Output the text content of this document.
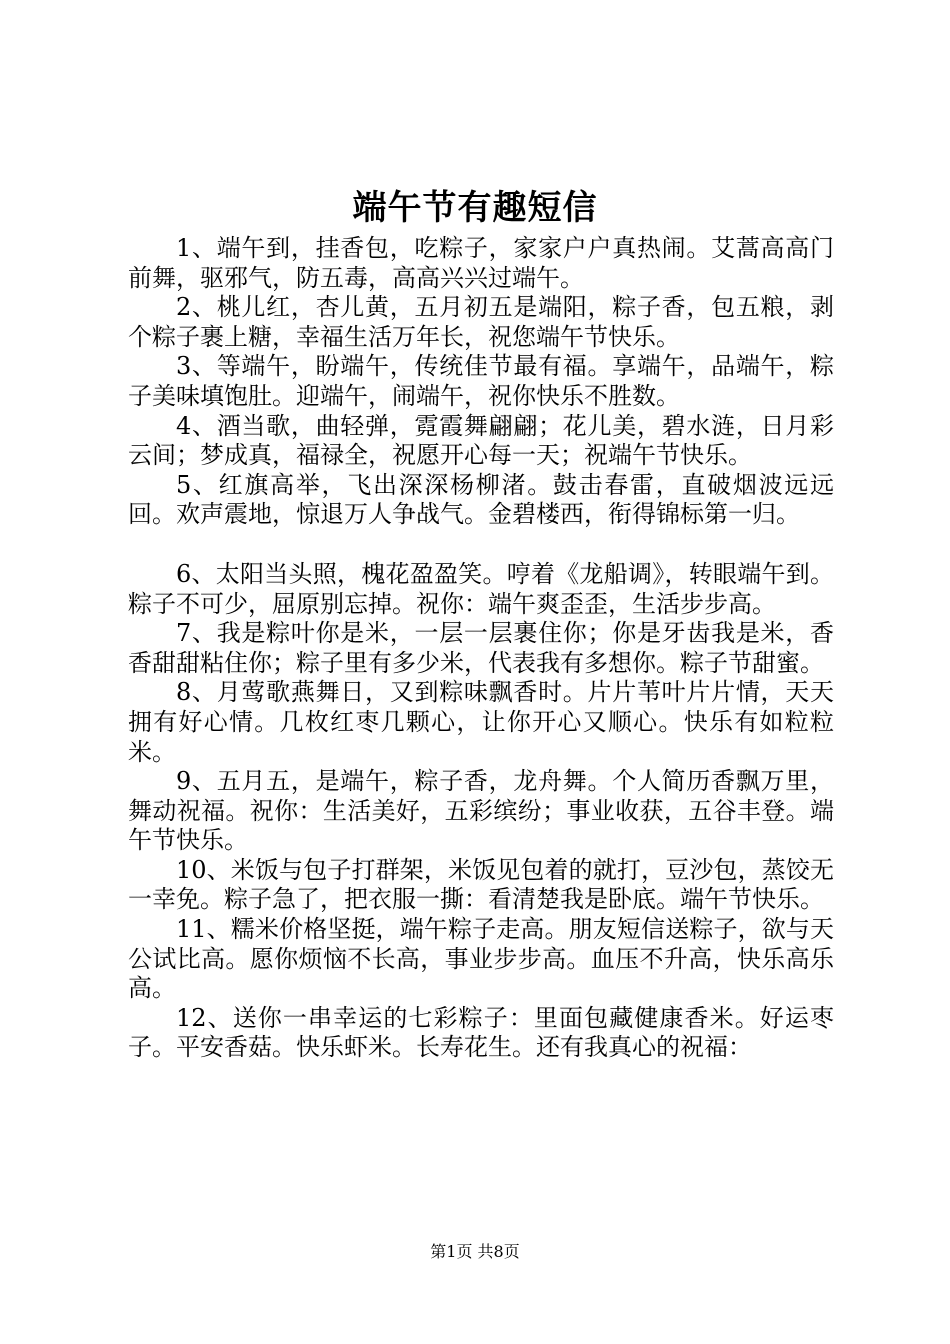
端午节有趣短信

1、端午到，挂香包，吃粽子，家家户户真热闹。艾蒿高高门前舞，驱邪气，防五毒，高高兴兴过端午。

2、桃儿红，杏儿黄，五月初五是端阳，粽子香，包五粮，剥个粽子裹上糖，幸福生活万年长，祝您端午节快乐。

3、等端午，盼端午，传统佳节最有福。享端午，品端午，粽子美味填饱肚。迎端午，闹端午，祝你快乐不胜数。

4、酒当歌，曲轻弹，霓霞舞翩翩；花儿美，碧水涟，日月彩云间；梦成真，福禄全，祝愿开心每一天；祝端午节快乐。

5、红旗高举，飞出深深杨柳渚。鼓击春雷，直破烟波远远回。欢声震地，惊退万人争战气。金碧楼西，衔得锦标第一归。

6、太阳当头照，槐花盈盈笑。哼着《龙船调》，转眼端午到。粽子不可少，屈原别忘掉。祝你：端午爽歪歪，生活步步高。

7、我是粽叶你是米，一层一层裹住你；你是牙齿我是米，香香甜甜粘住你；粽子里有多少米，代表我有多想你。粽子节甜蜜。

8、月莺歌燕舞日，又到粽味飘香时。片片苇叶片片情，天天拥有好心情。几枚红枣几颗心，让你开心又顺心。快乐有如粒粒米。

9、五月五，是端午，粽子香，龙舟舞。个人简历香飘万里，舞动祝福。祝你：生活美好，五彩缤纷；事业收获，五谷丰登。端午节快乐。

10、米饭与包子打群架，米饭见包着的就打，豆沙包，蒸饺无一幸免。粽子急了，把衣服一撕：看清楚我是卧底。端午节快乐。

11、糯米价格坚挺，端午粽子走高。朋友短信送粽子，欲与天公试比高。愿你烦恼不长高，事业步步高。血压不升高，快乐高乐高。

12、送你一串幸运的七彩粽子：里面包藏健康香米。好运枣子。平安香菇。快乐虾米。长寿花生。还有我真心的祝福：

第1页 共8页
